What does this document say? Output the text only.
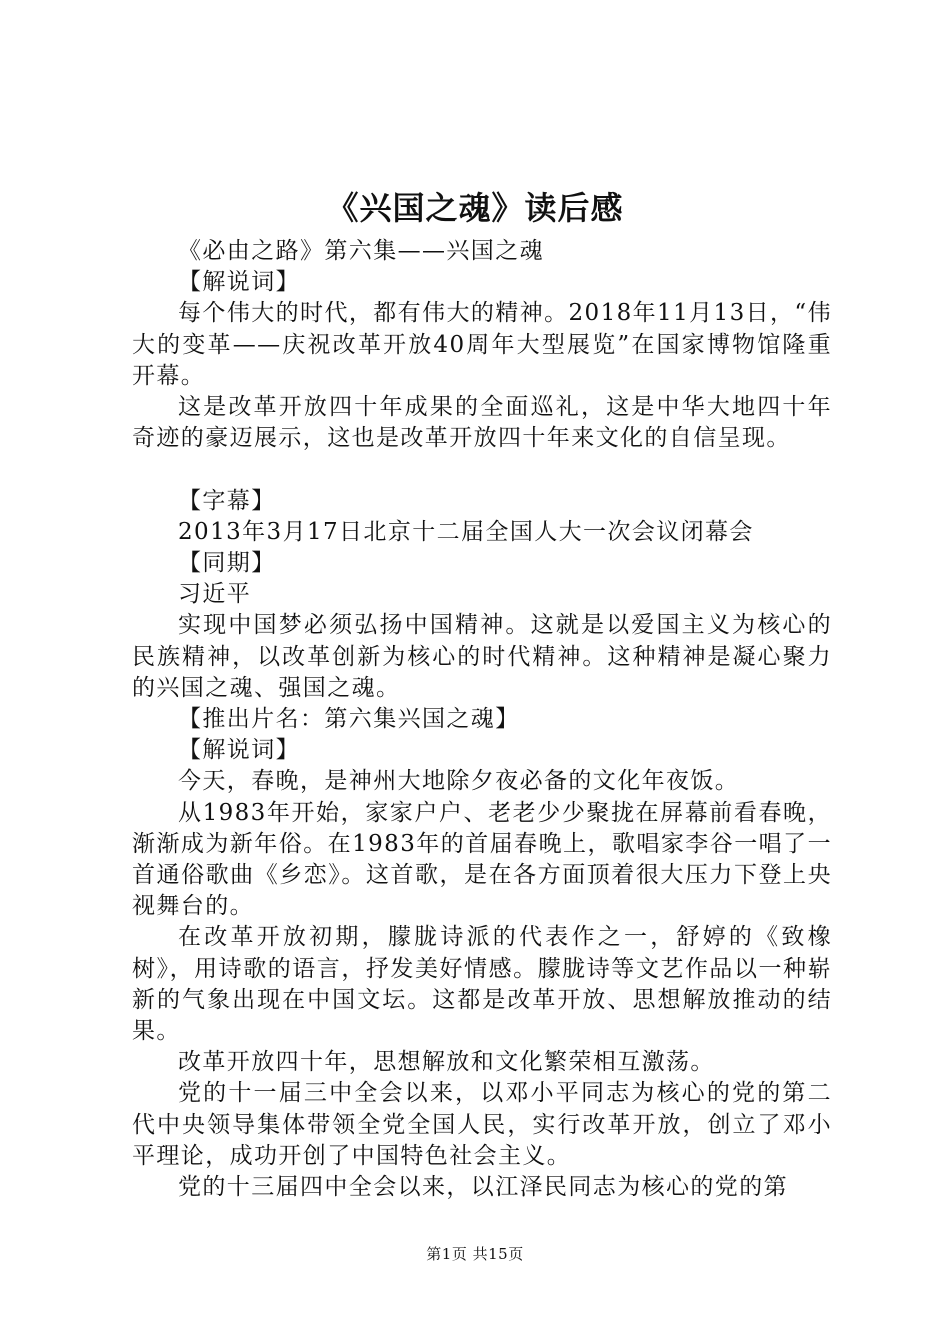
《兴国之魂》读后感

《必由之路》第六集——兴国之魂

【解说词】

每个伟大的时代，都有伟大的精神。2018年11月13日，“伟大的变革——庆祝改革开放40周年大型展览”在国家博物馆隆重开幕。

这是改革开放四十年成果的全面巡礼，这是中华大地四十年奇迹的豪迈展示，这也是改革开放四十年来文化的自信呈现。

【字幕】

2013年3月17日北京十二届全国人大一次会议闭幕会

【同期】

习近平

实现中国梦必须弘扬中国精神。这就是以爱国主义为核心的民族精神，以改革创新为核心的时代精神。这种精神是凝心聚力的兴国之魂、强国之魂。

【推出片名：第六集兴国之魂】

【解说词】

今天，春晚，是神州大地除夕夜必备的文化年夜饭。

从1983年开始，家家户户、老老少少聚拢在屏幕前看春晚，渐渐成为新年俗。在1983年的首届春晚上，歌唱家李谷一唱了一首通俗歌曲《乡恋》。这首歌，是在各方面顶着很大压力下登上央视舞台的。

在改革开放初期，朦胧诗派的代表作之一，舒婷的《致橡树》，用诗歌的语言，抒发美好情感。朦胧诗等文艺作品以一种崭新的气象出现在中国文坛。这都是改革开放、思想解放推动的结果。

改革开放四十年，思想解放和文化繁荣相互激荡。

党的十一届三中全会以来，以邓小平同志为核心的党的第二代中央领导集体带领全党全国人民，实行改革开放，创立了邓小平理论，成功开创了中国特色社会主义。

党的十三届四中全会以来，以江泽民同志为核心的党的第

第1页 共15页
